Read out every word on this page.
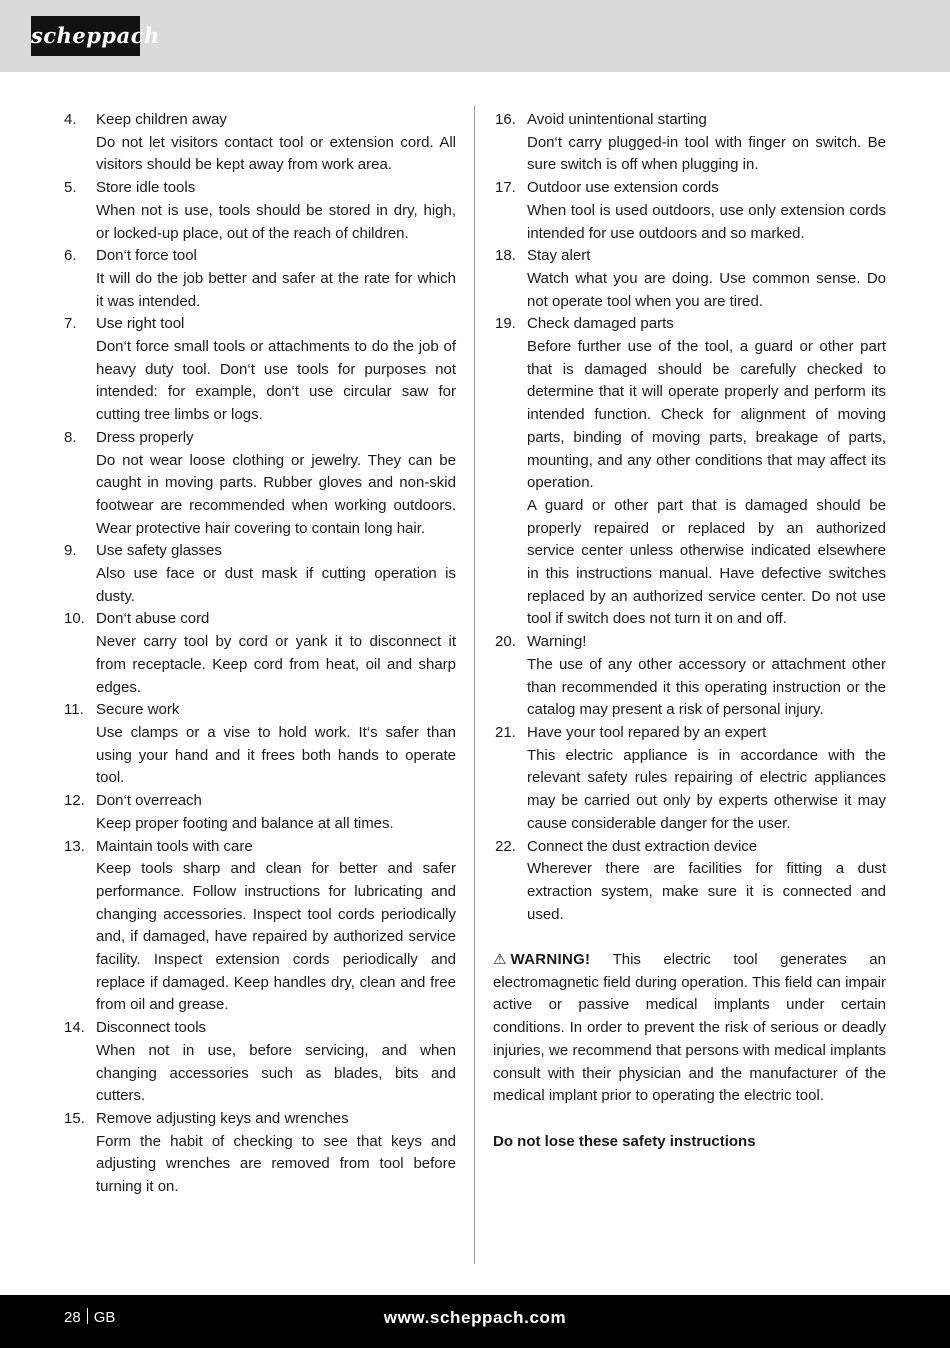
scheppach
4. Keep children away
Do not let visitors contact tool or extension cord. All visitors should be kept away from work area.
5. Store idle tools
When not is use, tools should be stored in dry, high, or locked-up place, out of the reach of children.
6. Don‘t force tool
It will do the job better and safer at the rate for which it was intended.
7. Use right tool
Don‘t force small tools or attachments to do the job of heavy duty tool. Don‘t use tools for purposes not intended: for example, don‘t use circular saw for cutting tree limbs or logs.
8. Dress properly
Do not wear loose clothing or jewelry. They can be caught in moving parts. Rubber gloves and non-skid footwear are recommended when working outdoors. Wear protective hair covering to contain long hair.
9. Use safety glasses
Also use face or dust mask if cutting operation is dusty.
10. Don‘t abuse cord
Never carry tool by cord or yank it to disconnect it from receptacle. Keep cord from heat, oil and sharp edges.
11. Secure work
Use clamps or a vise to hold work. It‘s safer than using your hand and it frees both hands to operate tool.
12. Don‘t overreach
Keep proper footing and balance at all times.
13. Maintain tools with care
Keep tools sharp and clean for better and safer performance. Follow instructions for lubricating and changing accessories. Inspect tool cords periodically and, if damaged, have repaired by authorized service facility. Inspect extension cords periodically and replace if damaged. Keep handles dry, clean and free from oil and grease.
14. Disconnect tools
When not in use, before servicing, and when changing accessories such as blades, bits and cutters.
15. Remove adjusting keys and wrenches
Form the habit of checking to see that keys and adjusting wrenches are removed from tool before turning it on.
16. Avoid unintentional starting
Don‘t carry plugged-in tool with finger on switch. Be sure switch is off when plugging in.
17. Outdoor use extension cords
When tool is used outdoors, use only extension cords intended for use outdoors and so marked.
18. Stay alert
Watch what you are doing. Use common sense. Do not operate tool when you are tired.
19. Check damaged parts
Before further use of the tool, a guard or other part that is damaged should be carefully checked to determine that it will operate properly and perform its intended function. Check for alignment of moving parts, binding of moving parts, breakage of parts, mounting, and any other conditions that may affect its operation.
A guard or other part that is damaged should be properly repaired or replaced by an authorized service center unless otherwise indicated elsewhere in this instructions manual. Have defective switches replaced by an authorized service center. Do not use tool if switch does not turn it on and off.
20. Warning!
The use of any other accessory or attachment other than recommended it this operating instruction or the catalog may present a risk of personal injury.
21. Have your tool repared by an expert
This electric appliance is in accordance with the relevant safety rules repairing of electric appliances may be carried out only by experts otherwise it may cause considerable danger for the user.
22. Connect the dust extraction device
Wherever there are facilities for fitting a dust extraction system, make sure it is connected and used.
⚠ WARNING! This electric tool generates an electromagnetic field during operation. This field can impair active or passive medical implants under certain conditions. In order to prevent the risk of serious or deadly injuries, we recommend that persons with medical implants consult with their physician and the manufacturer of the medical implant prior to operating the electric tool.
Do not lose these safety instructions
28 GB	www.scheppach.com
